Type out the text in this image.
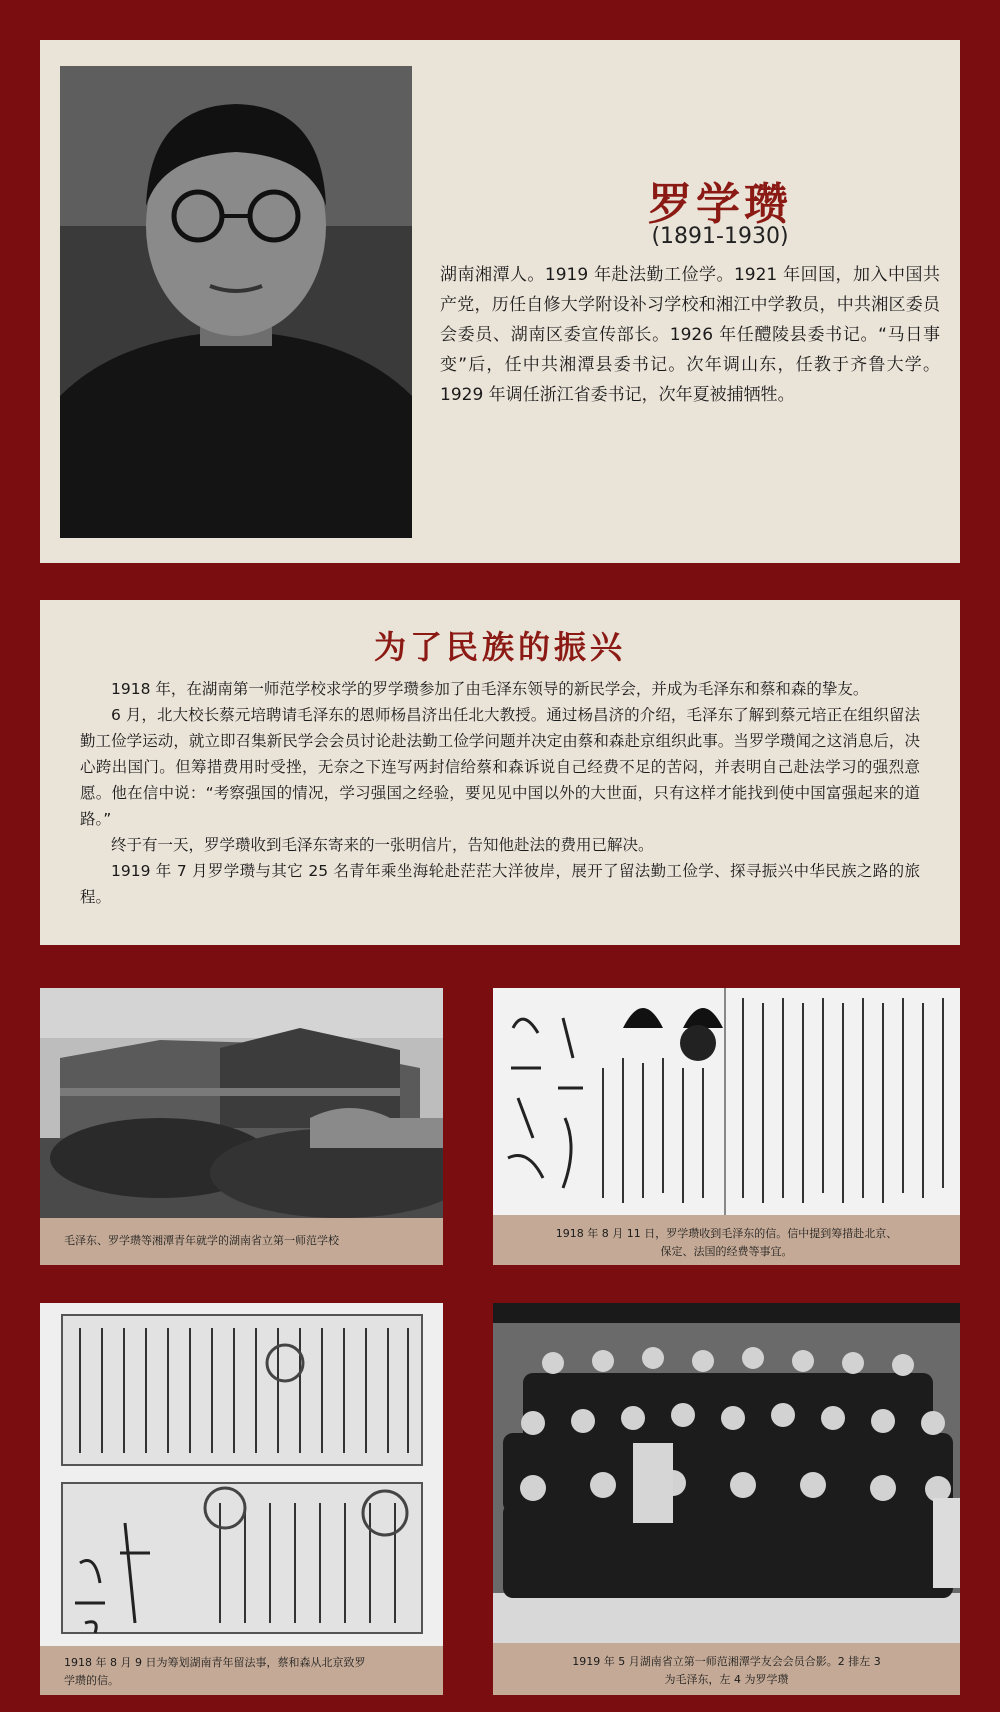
罗学瓒
(1891-1930)
湖南湘潭人。1919 年赴法勤工俭学。1921 年回国，加入中国共产党，历任自修大学附设补习学校和湘江中学教员，中共湘区委员会委员、湖南区委宣传部长。1926 年任醴陵县委书记。“马日事变”后，任中共湘潭县委书记。次年调山东，任教于齐鲁大学。1929 年调任浙江省委书记，次年夏被捕牺牲。
为了民族的振兴

1918 年，在湖南第一师范学校求学的罗学瓒参加了由毛泽东领导的新民学会，并成为毛泽东和蔡和森的挚友。

6 月，北大校长蔡元培聘请毛泽东的恩师杨昌济出任北大教授。通过杨昌济的介绍，毛泽东了解到蔡元培正在组织留法勤工俭学运动，就立即召集新民学会会员讨论赴法勤工俭学问题并决定由蔡和森赴京组织此事。当罗学瓒闻之这消息后，决心跨出国门。但筹措费用时受挫，无奈之下连写两封信给蔡和森诉说自己经费不足的苦闷，并表明自己赴法学习的强烈意愿。他在信中说：“考察强国的情况，学习强国之经验，要见见中国以外的大世面，只有这样才能找到使中国富强起来的道路。”

终于有一天，罗学瓒收到毛泽东寄来的一张明信片，告知他赴法的费用已解决。

1919 年 7 月罗学瓒与其它 25 名青年乘坐海轮赴茫茫大洋彼岸，展开了留法勤工俭学、探寻振兴中华民族之路的旅程。

毛泽东、罗学瓒等湘潭青年就学的湖南省立第一师范学校
1918 年 8 月 11 日，罗学瓒收到毛泽东的信。信中提到筹措赴北京、
保定、法国的经费等事宜。
1918 年 8 月 9 日为筹划湖南青年留法事，蔡和森从北京致罗
学瓒的信。
1919 年 5 月湖南省立第一师范湘潭学友会会员合影。2 排左 3
为毛泽东，左 4 为罗学瓒
